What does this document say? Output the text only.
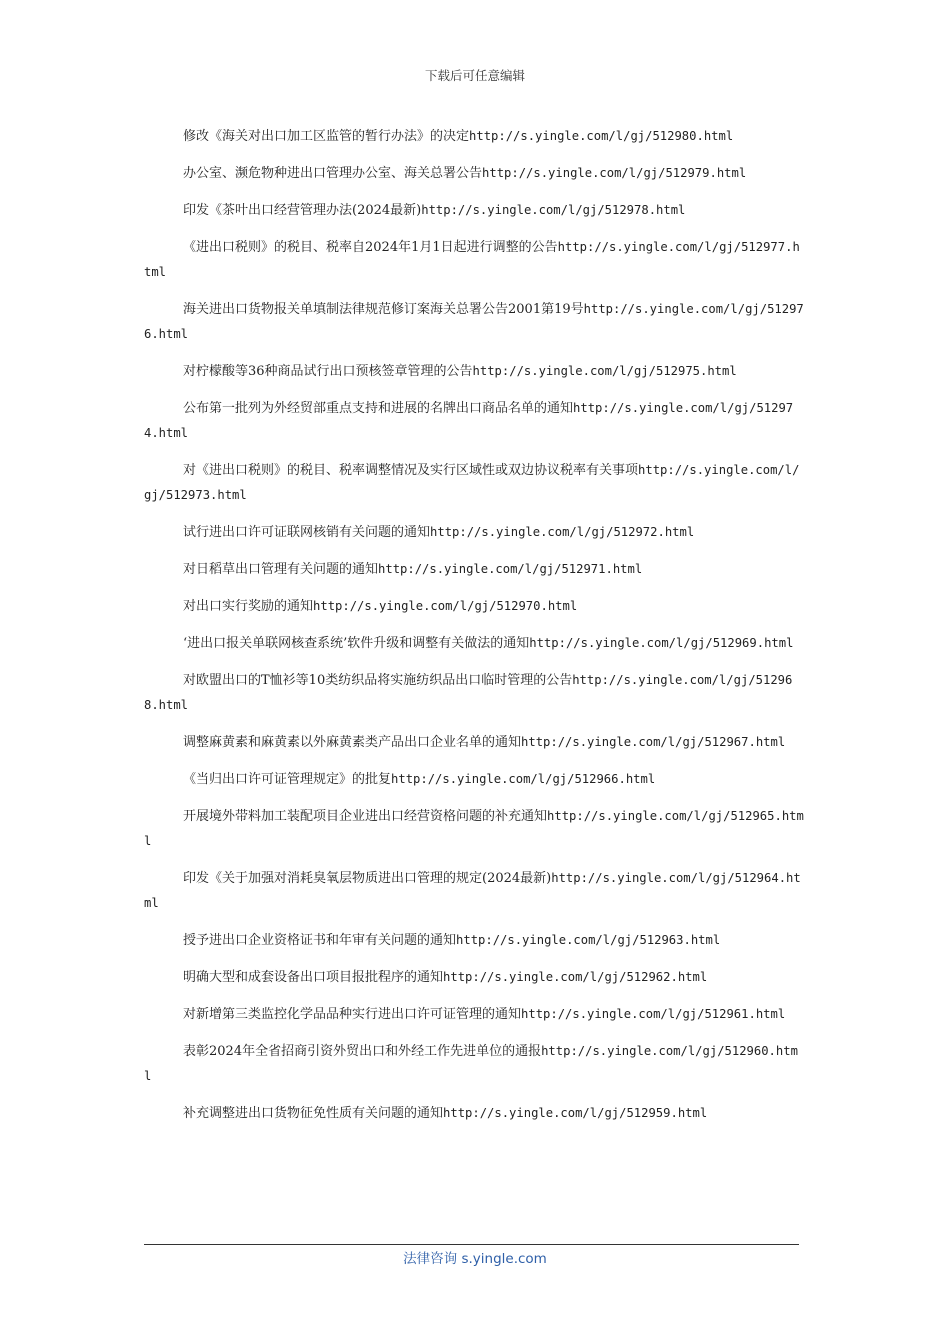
下载后可任意编辑

修改《海关对出口加工区监管的暂行办法》的决定http://s.yingle.com/l/gj/512980.html

办公室、濒危物种进出口管理办公室、海关总署公告http://s.yingle.com/l/gj/512979.html

印发《茶叶出口经营管理办法(2024最新)http://s.yingle.com/l/gj/512978.html

《进出口税则》的税目、税率自2024年1月1日起进行调整的公告http://s.yingle.com/l/gj/512977.html

海关进出口货物报关单填制法律规范修订案海关总署公告2001第19号http://s.yingle.com/l/gj/512976.html

对柠檬酸等36种商品试行出口预核签章管理的公告http://s.yingle.com/l/gj/512975.html

公布第一批列为外经贸部重点支持和进展的名牌出口商品名单的通知http://s.yingle.com/l/gj/512974.html

对《进出口税则》的税目、税率调整情况及实行区域性或双边协议税率有关事项http://s.yingle.com/l/gj/512973.html

试行进出口许可证联网核销有关问题的通知http://s.yingle.com/l/gj/512972.html

对日稻草出口管理有关问题的通知http://s.yingle.com/l/gj/512971.html

对出口实行奖励的通知http://s.yingle.com/l/gj/512970.html

‘进出口报关单联网核查系统’软件升级和调整有关做法的通知http://s.yingle.com/l/gj/512969.html

对欧盟出口的T恤衫等10类纺织品将实施纺织品出口临时管理的公告http://s.yingle.com/l/gj/512968.html

调整麻黄素和麻黄素以外麻黄素类产品出口企业名单的通知http://s.yingle.com/l/gj/512967.html

《当归出口许可证管理规定》的批复http://s.yingle.com/l/gj/512966.html

开展境外带料加工装配项目企业进出口经营资格问题的补充通知http://s.yingle.com/l/gj/512965.html

印发《关于加强对消耗臭氧层物质进出口管理的规定(2024最新)http://s.yingle.com/l/gj/512964.html

授予进出口企业资格证书和年审有关问题的通知http://s.yingle.com/l/gj/512963.html

明确大型和成套设备出口项目报批程序的通知http://s.yingle.com/l/gj/512962.html

对新增第三类监控化学品品种实行进出口许可证管理的通知http://s.yingle.com/l/gj/512961.html

表彰2024年全省招商引资外贸出口和外经工作先进单位的通报http://s.yingle.com/l/gj/512960.html

补充调整进出口货物征免性质有关问题的通知http://s.yingle.com/l/gj/512959.html

法律咨询 s.yingle.com
